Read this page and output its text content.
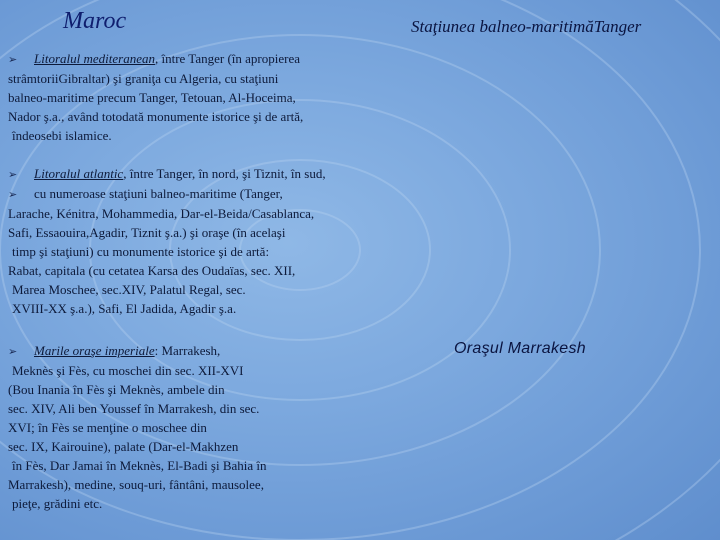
Maroc	Staţiunea balneo-maritimăTanger
Oraşul Marrakesh
➢ Litoralul mediteranean, între Tanger (în apropierea
strâmtoriiGibraltar) şi graniţa cu Algeria, cu staţiuni
balneo-maritime precum Tanger, Tetouan, Al-Hoceima,
Nador ş.a., având totodată monumente istorice şi de artă,
îndeosebi islamice.
➢ Litoralul atlantic, între Tanger, în nord, şi Tiznit, în sud,
➢ cu numeroase staţiuni balneo-maritime (Tanger,
Larache, Kénitra, Mohammedia, Dar-el-Beida/Casablanca,
Safi, Essaouira,Agadir, Tiznit ş.a.) şi oraşe (în acelaşi
timp şi staţiuni) cu monumente istorice şi de artă:
Rabat, capitala (cu cetatea Karsa des Oudaïas, sec. XII,
Marea Moschee, sec.XIV, Palatul Regal, sec.
XVIII-XX ş.a.), Safi, El Jadida, Agadir ş.a.
➢ Marile oraşe imperiale: Marrakesh,
Meknès şi Fès, cu moschei din sec. XII-XVI
(Bou Inania în Fès şi Meknès, ambele din
sec. XIV, Ali ben Youssef în Marrakesh, din sec.
XVI; în Fès se menţine o moschee din
sec. IX, Kairouine), palate (Dar-el-Makhzen
în Fès, Dar Jamai în Meknès, El-Badi şi Bahia în
Marrakesh), medine, souq-uri, fântâni, mausolee,
pieţe, grădini etc.
